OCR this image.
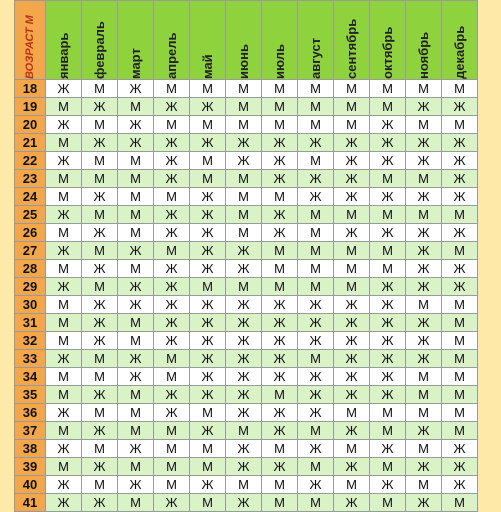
ВОЗРАСТ М	январь	февраль	март	апрель	май	июнь	июль	август	сентябрь	октябрь	ноябрь	декабрь

18	Ж	М	Ж	М	М	М	М	М	М	М	М	М
19	М	Ж	М	Ж	Ж	М	М	М	М	М	Ж	Ж
20	Ж	М	Ж	М	М	М	М	М	М	Ж	М	М
21	М	Ж	Ж	Ж	Ж	Ж	Ж	Ж	Ж	Ж	Ж	Ж
22	Ж	М	М	Ж	М	Ж	Ж	М	Ж	Ж	Ж	Ж
23	М	М	М	Ж	М	М	Ж	Ж	Ж	М	М	Ж
24	М	Ж	М	М	Ж	М	М	Ж	Ж	Ж	Ж	Ж
25	Ж	М	М	Ж	Ж	М	Ж	М	М	М	М	М
26	М	Ж	М	Ж	Ж	М	Ж	М	Ж	Ж	Ж	Ж
27	Ж	М	Ж	М	Ж	Ж	М	М	М	М	Ж	М
28	М	Ж	М	Ж	Ж	Ж	М	М	М	М	Ж	Ж
29	Ж	М	Ж	Ж	М	М	М	М	М	Ж	Ж	Ж
30	М	Ж	Ж	Ж	Ж	Ж	Ж	Ж	Ж	Ж	М	М
31	М	Ж	М	Ж	Ж	Ж	Ж	Ж	Ж	Ж	Ж	М
32	М	Ж	М	Ж	Ж	Ж	Ж	Ж	Ж	Ж	Ж	М
33	Ж	М	Ж	М	Ж	Ж	Ж	М	Ж	Ж	Ж	М
34	М	М	Ж	М	Ж	Ж	Ж	Ж	Ж	Ж	М	М
35	М	Ж	М	Ж	Ж	Ж	М	Ж	Ж	Ж	М	М
36	Ж	М	М	Ж	М	Ж	Ж	Ж	М	М	М	М
37	М	Ж	М	М	Ж	М	Ж	М	Ж	М	Ж	М
38	Ж	М	Ж	М	М	Ж	М	Ж	М	Ж	М	Ж
39	М	Ж	М	М	М	Ж	Ж	М	Ж	М	Ж	Ж
40	Ж	М	Ж	М	Ж	М	М	Ж	М	Ж	М	Ж
41	Ж	Ж	М	Ж	М	Ж	М	М	Ж	М	Ж	М
